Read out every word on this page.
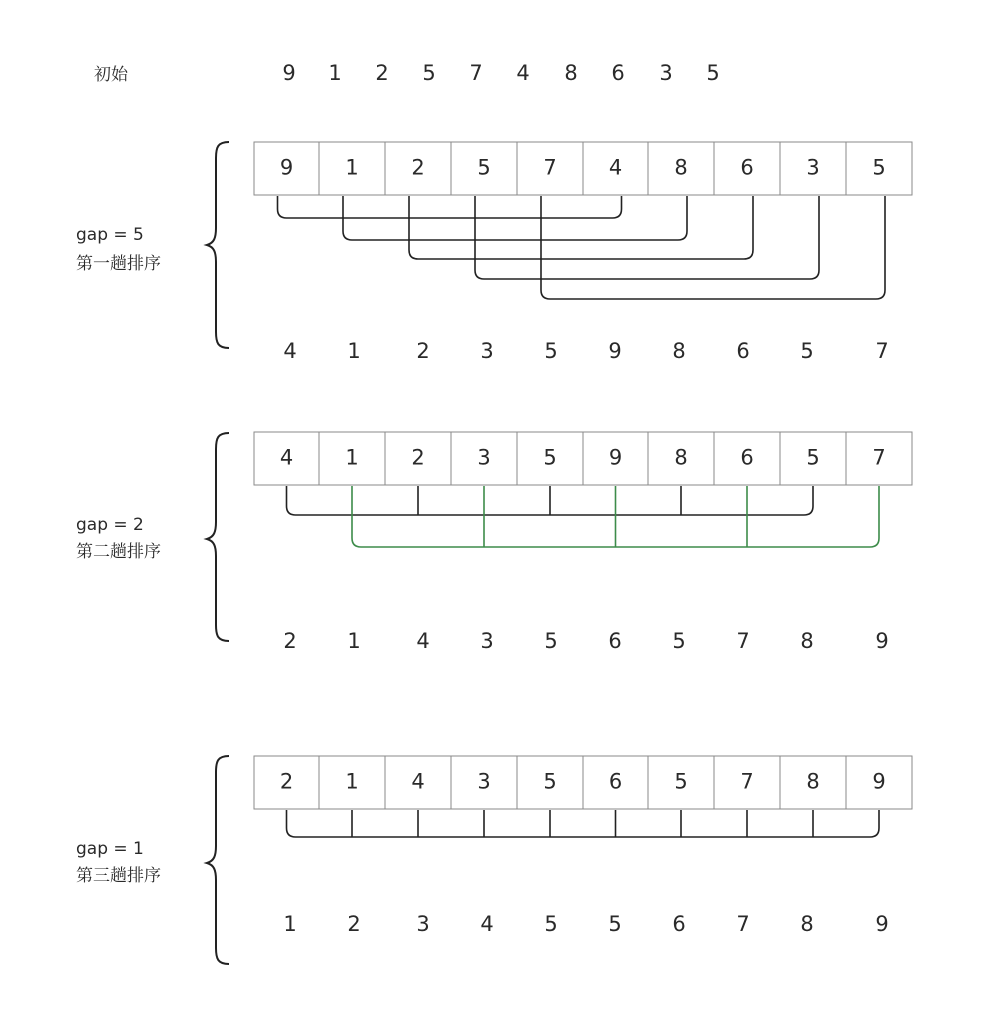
初始	9 1 2 5 7 4 8 6 3 5
gap = 5
第一趟排序
9 1	2	5	7 4 8	6	3	5
4 1	2 3 5 9 8 6 5	7
gap = 2
第二趟排序
4 1	2	3	5 9 8	6	5	7
2 1	4 3 5 6 5 7 8	9
gap = 1
第三趟排序
2 1	4	3	5 6 5	7	8	9
1 2	3 4 5 5 6 7 8	9
